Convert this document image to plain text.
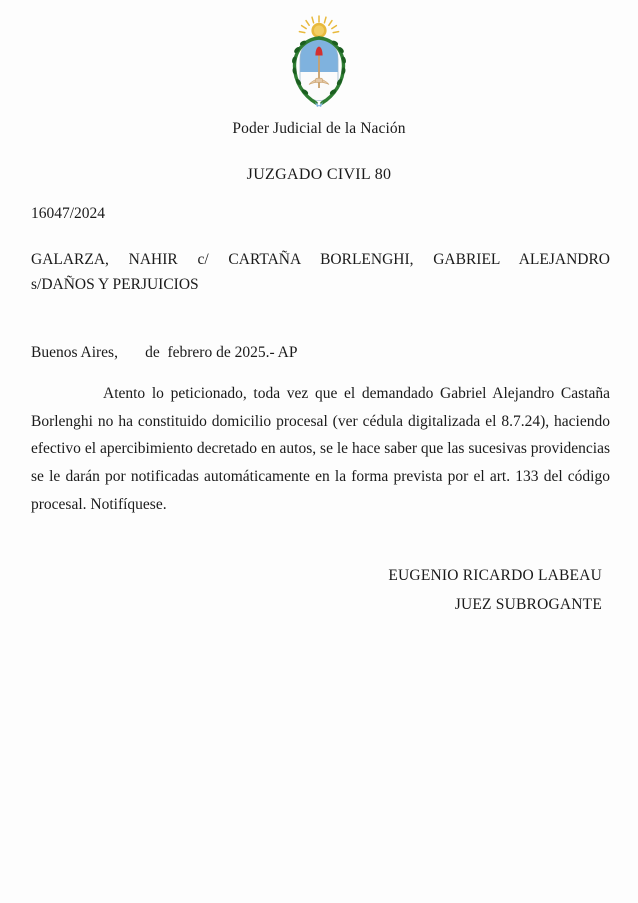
Poder Judicial de la Nación

JUZGADO CIVIL 80

16047/2024
GALARZA, NAHIR c/ CARTAÑA BORLENGHI, GABRIEL ALEJANDRO
s/DAÑOS Y PERJUICIOS
Buenos Aires,       de  febrero de 2025.- AP

Atento lo peticionado, toda vez que el demandado Gabriel Alejandro Castaña Borlenghi no ha constituido domicilio procesal (ver cédula digitalizada el 8.7.24), haciendo efectivo el apercibimiento decretado en autos, se le hace saber que las sucesivas providencias se le darán por notificadas automáticamente en la forma prevista por el art. 133 del código procesal. Notifíquese.

EUGENIO RICARDO LABEAU
JUEZ SUBROGANTE
